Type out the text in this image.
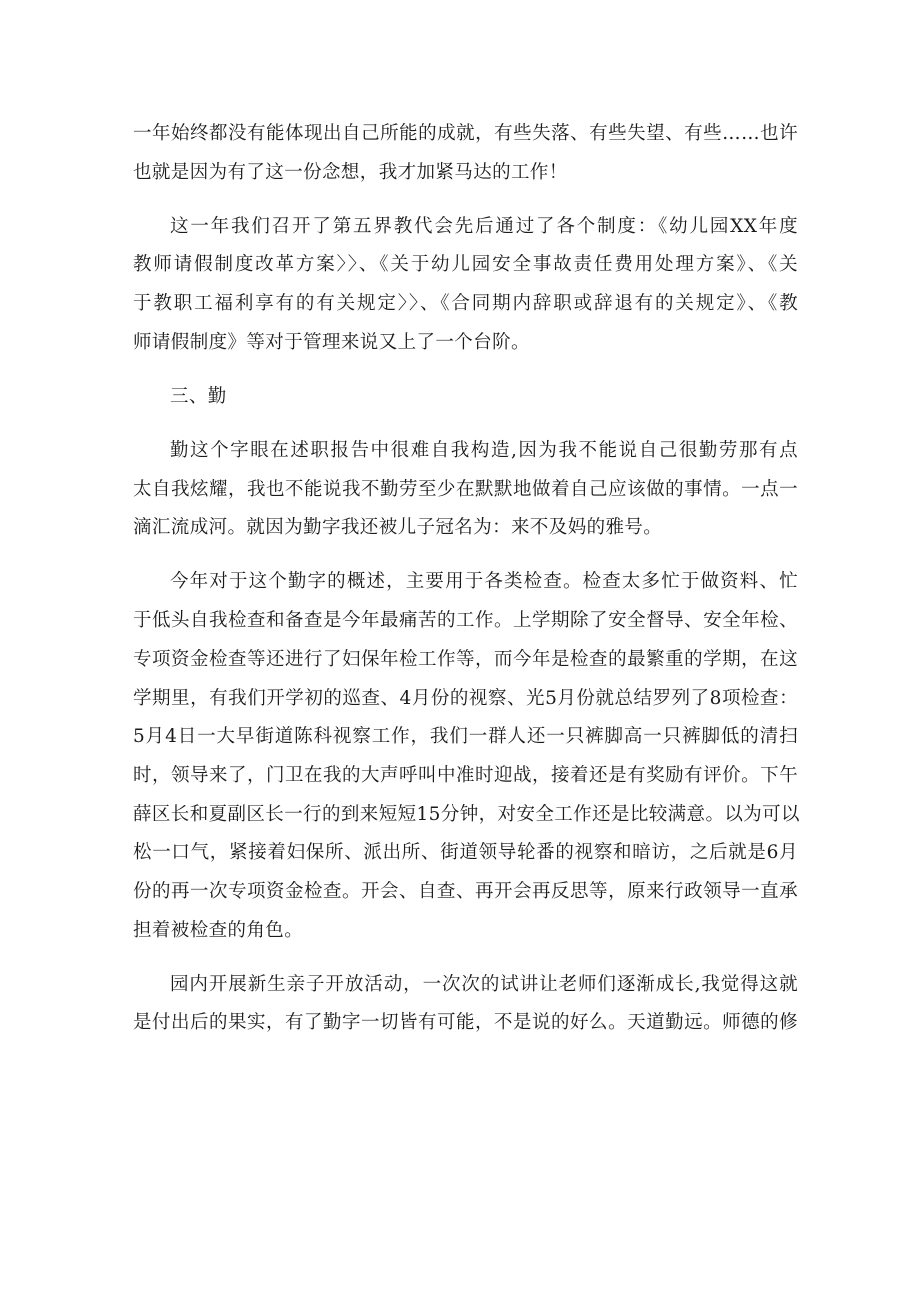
一年始终都没有能体现出自己所能的成就，有些失落、有些失望、有些……也许
也就是因为有了这一份念想，我才加紧马达的工作！
这一年我们召开了第五界教代会先后通过了各个制度：《幼儿园XX年度
教师请假制度改革方案〉〉、《关于幼儿园安全事故责任费用处理方案》、《关
于教职工福利享有的有关规定〉〉、《合同期内辞职或辞退有的关规定》、《教
师请假制度》等对于管理来说又上了一个台阶。
三、勤
勤这个字眼在述职报告中很难自我构造,因为我不能说自己很勤劳那有点
太自我炫耀，我也不能说我不勤劳至少在默默地做着自己应该做的事情。一点一
滴汇流成河。就因为勤字我还被儿子冠名为：来不及妈的雅号。
今年对于这个勤字的概述，主要用于各类检查。检查太多忙于做资料、忙
于低头自我检查和备查是今年最痛苦的工作。上学期除了安全督导、安全年检、
专项资金检查等还进行了妇保年检工作等，而今年是检查的最繁重的学期，在这
学期里，有我们开学初的巡查、4月份的视察、光5月份就总结罗列了8项检查：
5月4日一大早街道陈科视察工作，我们一群人还一只裤脚高一只裤脚低的清扫
时，领导来了，门卫在我的大声呼叫中准时迎战，接着还是有奖励有评价。下午
薛区长和夏副区长一行的到来短短15分钟，对安全工作还是比较满意。以为可以
松一口气，紧接着妇保所、派出所、街道领导轮番的视察和暗访，之后就是6月
份的再一次专项资金检查。开会、自查、再开会再反思等，原来行政领导一直承
担着被检查的角色。
园内开展新生亲子开放活动，一次次的试讲让老师们逐渐成长,我觉得这就
是付出后的果实，有了勤字一切皆有可能，不是说的好么。天道勤远。师德的修
